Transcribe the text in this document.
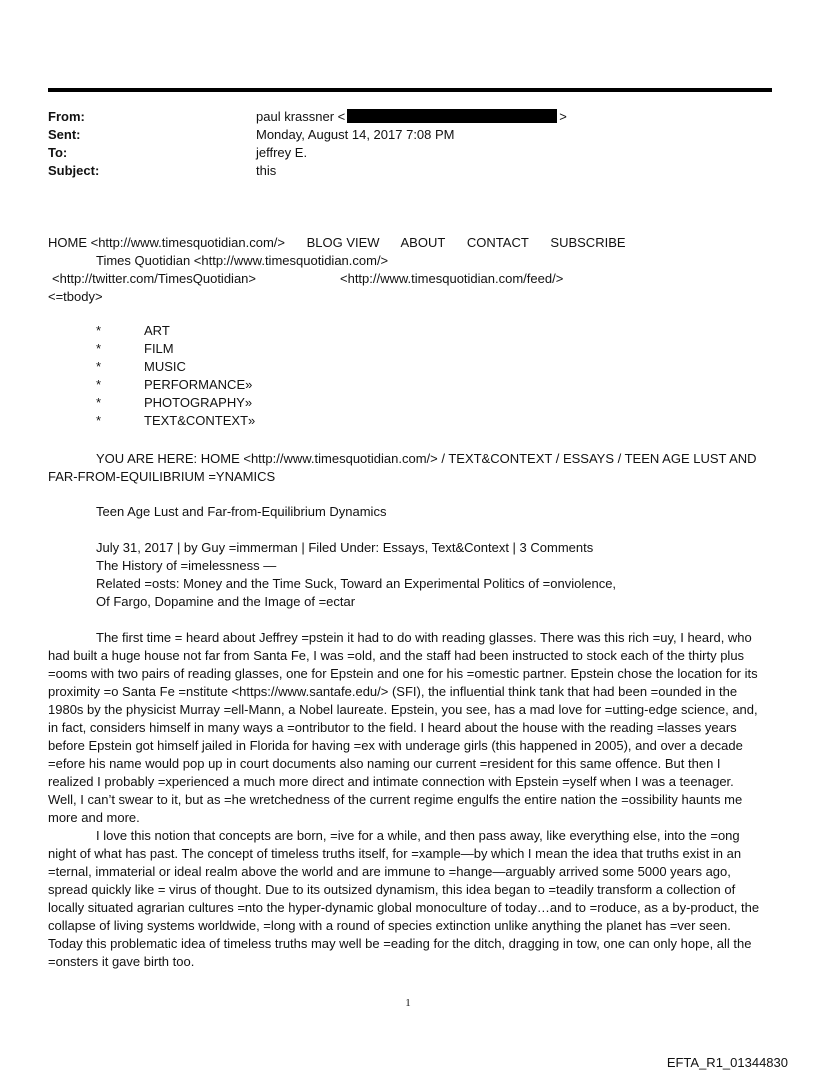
From:	paul krassner <	>
Sent:	Monday, August 14, 2017 7:08 PM
To:	jeffrey E.
Subject:	this
HOME <http://www.timesquotidian.com/> BLOG VIEW ABOUT CONTACT SUBSCRIBE
Times Quotidian <http://www.timesquotidian.com/>
<http://twitter.com/TimesQuotidian>	<http://www.timesquotidian.com/feed/>
<=tbody>
*	ART
*	FILM
*	MUSIC
*	PERFORMANCE»
*	PHOTOGRAPHY»
*	TEXT&CONTEXT»
YOU ARE HERE: HOME <http://www.timesquotidian.com/> / TEXT&CONTEXT / ESSAYS / TEEN AGE LUST AND
FAR-FROM-EQUILIBRIUM =YNAMICS
Teen Age Lust and Far-from-Equilibrium Dynamics
July 31, 2017 | by Guy =immerman | Filed Under: Essays, Text&Context | 3 Comments
The History of =imelessness —
Related =osts: Money and the Time Suck, Toward an Experimental Politics of =onviolence,
Of Fargo, Dopamine and the Image of =ectar
The first time = heard about Jeffrey =pstein it had to do with reading glasses. There was this rich =uy, I heard, who had built a huge house not far from Santa Fe, I was =old, and the staff had been instructed to stock each of the thirty plus =ooms with two pairs of reading glasses, one for Epstein and one for his =omestic partner. Epstein chose the location for its proximity =o Santa Fe =nstitute <https://www.santafe.edu/> (SFI), the influential think tank that had been =ounded in the 1980s by the physicist Murray =ell-Mann, a Nobel laureate. Epstein, you see, has a mad love for =utting-edge science, and, in fact, considers himself in many ways a =ontributor to the field. I heard about the house with the reading =lasses years before Epstein got himself jailed in Florida for having =ex with underage girls (this happened in 2005), and over a decade =efore his name would pop up in court documents also naming our current =resident for this same offence. But then I realized I probably =xperienced a much more direct and intimate connection with Epstein =yself when I was a teenager. Well, I can’t swear to it, but as =he wretchedness of the current regime engulfs the entire nation the =ossibility haunts me more and more.
I love this notion that concepts are born, =ive for a while, and then pass away, like everything else, into the =ong night of what has past. The concept of timeless truths itself, for =xample—by which I mean the idea that truths exist in an =ternal, immaterial or ideal realm above the world and are immune to =hange—arguably arrived some 5000 years ago, spread quickly like = virus of thought. Due to its outsized dynamism, this idea began to =teadily transform a collection of locally situated agrarian cultures =nto the hyper-dynamic global monoculture of today…and to =roduce, as a by-product, the collapse of living systems worldwide, =long with a round of species extinction unlike anything the planet has =ver seen. Today this problematic idea of timeless truths may well be =eading for the ditch, dragging in tow, one can only hope, all the =onsters it gave birth too.
1
EFTA_R1_01344830
